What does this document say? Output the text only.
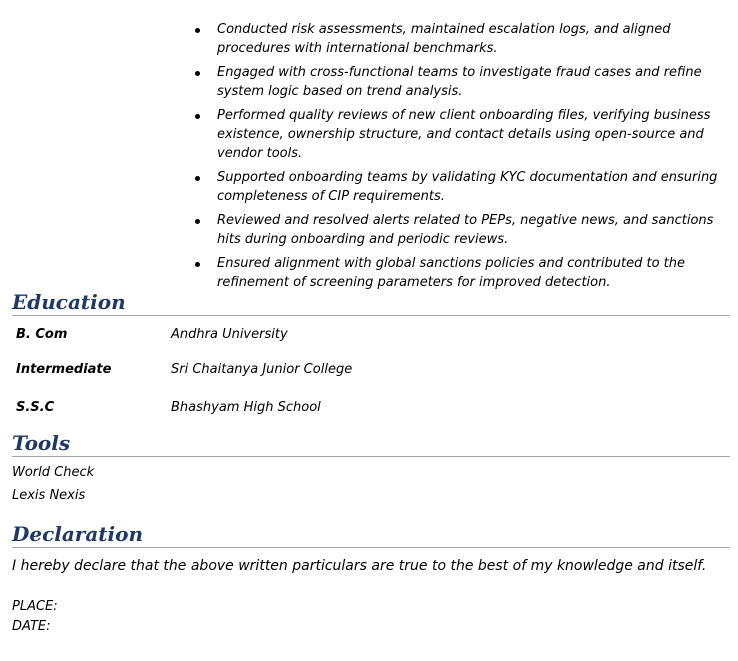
Conducted risk assessments, maintained escalation logs, and aligned procedures with international benchmarks.
Engaged with cross-functional teams to investigate fraud cases and refine system logic based on trend analysis.
Performed quality reviews of new client onboarding files, verifying business existence, ownership structure, and contact details using open-source and vendor tools.
Supported onboarding teams by validating KYC documentation and ensuring completeness of CIP requirements.
Reviewed and resolved alerts related to PEPs, negative news, and sanctions hits during onboarding and periodic reviews.
Ensured alignment with global sanctions policies and contributed to the refinement of screening parameters for improved detection.
Education
B. Com	Andhra University
Intermediate	Sri Chaitanya Junior College
S.S.C	Bhashyam High School
Tools
World Check
Lexis Nexis
Declaration
I hereby declare that the above written particulars are true to the best of my knowledge and itself.
PLACE:
DATE:
